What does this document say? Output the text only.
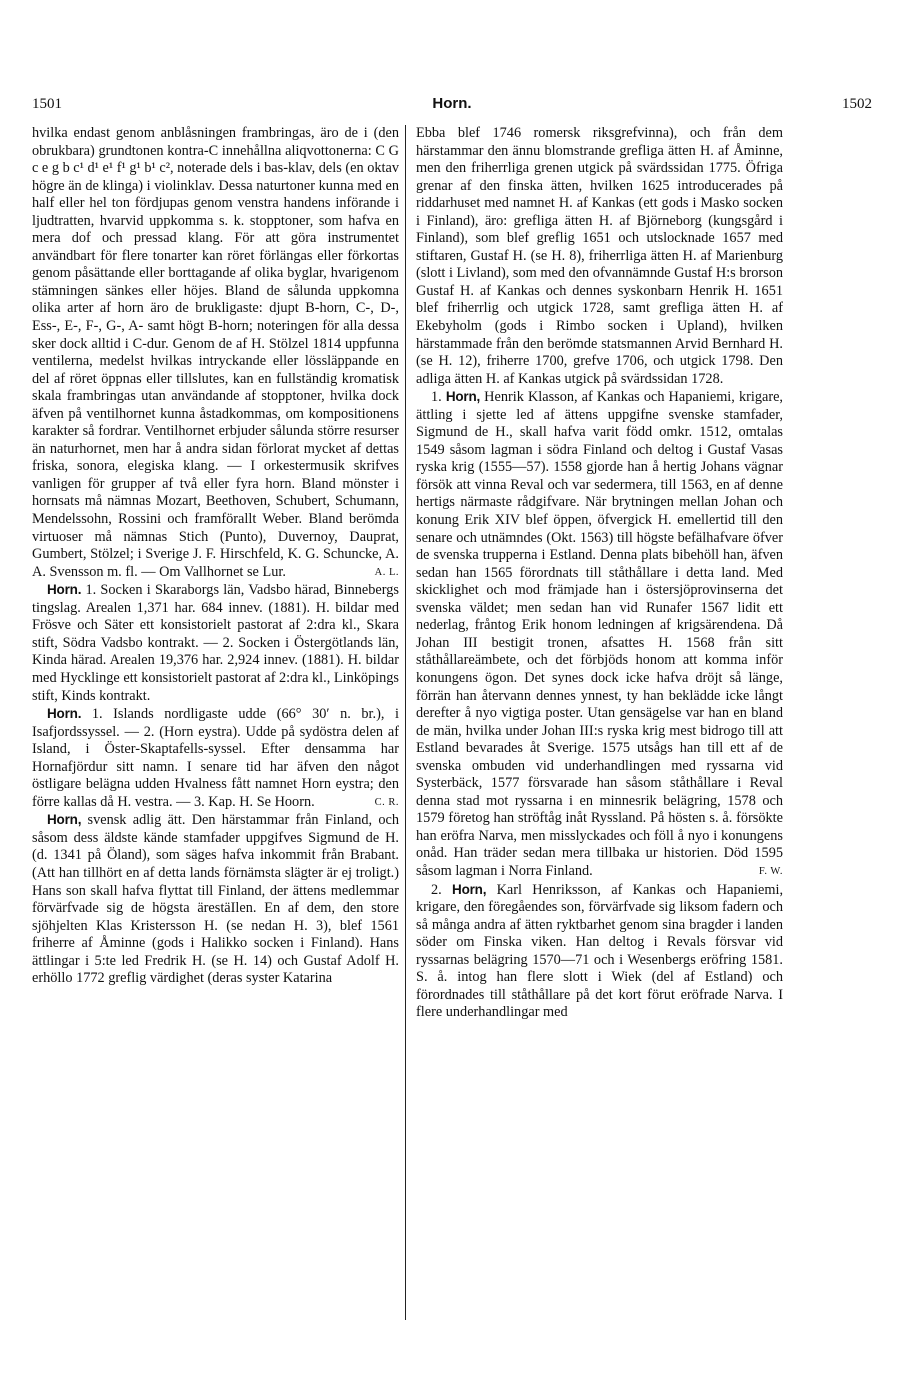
1501	Horn.	1502

hvilka endast genom anblåsningen frambringas, äro de i (den obrukbara) grundtonen kontra-C innehållna aliqvottonerna: C G c e g b c¹ d¹ e¹ f¹ g¹ b¹ c², noterade dels i bas-klav, dels (en oktav högre än de klinga) i violinklav. Dessa naturtoner kunna med en half eller hel ton fördjupas genom venstra handens införande i ljudtratten, hvarvid uppkomma s. k. stopptoner, som hafva en mera dof och pressad klang. För att göra instrumentet användbart för flere tonarter kan röret förlängas eller förkortas genom påsättande eller borttagande af olika byglar, hvarigenom stämningen sänkes eller höjes. Bland de sålunda uppkomna olika arter af horn äro de brukligaste: djupt B-horn, C-, D-, Ess-, E-, F-, G-, A- samt högt B-horn; noteringen för alla dessa sker dock alltid i C-dur. Genom de af H. Stölzel 1814 uppfunna ventilerna, medelst hvilkas intryckande eller lössläppande en del af röret öppnas eller tillslutes, kan en fullständig kromatisk skala frambringas utan användande af stopptoner, hvilka dock äfven på ventilhornet kunna åstadkommas, om kompositionens karakter så fordrar. Ventilhornet erbjuder sålunda större resurser än naturhornet, men har å andra sidan förlorat mycket af dettas friska, sonora, elegiska klang. — I orkestermusik skrifves vanligen för grupper af två eller fyra horn. Bland mönster i hornsats må nämnas Mozart, Beethoven, Schubert, Schumann, Mendelssohn, Rossini och framförallt Weber. Bland berömda virtuoser må nämnas Stich (Punto), Duvernoy, Dauprat, Gumbert, Stölzel; i Sverige J. F. Hirschfeld, K. G. Schuncke, A. A. Svensson m. fl. — Om Vallhornet se Lur.	A. L.

Horn. 1. Socken i Skaraborgs län, Vadsbo härad, Binnebergs tingslag. Arealen 1,371 har. 684 innev. (1881). H. bildar med Frösve och Säter ett konsistorielt pastorat af 2:dra kl., Skara stift, Södra Vadsbo kontrakt. — 2. Socken i Östergötlands län, Kinda härad. Arealen 19,376 har. 2,924 innev. (1881). H. bildar med Hycklinge ett konsistorielt pastorat af 2:dra kl., Linköpings stift, Kinds kontrakt.

Horn. 1. Islands nordligaste udde (66° 30′ n. br.), i Isafjordssyssel. — 2. (Horn eystra). Udde på sydöstra delen af Island, i Öster-Skaptafells-syssel. Efter densamma har Hornafjördur sitt namn. I senare tid har äfven den något östligare belägna udden Hvalness fått namnet Horn eystra; den förre kallas då H. vestra. — 3. Kap. H. Se Hoorn.	C. R.

Horn, svensk adlig ätt. Den härstammar från Finland, och såsom dess äldste kände stamfader uppgifves Sigmund de H. (d. 1341 på Öland), som säges hafva inkommit från Brabant. (Att han tillhört en af detta lands förnämsta slägter är ej troligt.) Hans son skall hafva flyttat till Finland, der ättens medlemmar förvärfvade sig de högsta ärestäIlen. En af dem, den store sjöhjelten Klas Kristersson H. (se nedan H. 3), blef 1561 friherre af Åminne (gods i Halikko socken i Finland). Hans ättlingar i 5:te led Fredrik H. (se H. 14) och Gustaf Adolf H. erhöllo 1772 greflig värdighet (deras syster Katarina

Ebba blef 1746 romersk riksgrefvinna), och från dem härstammar den ännu blomstrande grefliga ätten H. af Åminne, men den friherrliga grenen utgick på svärdssidan 1775. Öfriga grenar af den finska ätten, hvilken 1625 introducerades på riddarhuset med namnet H. af Kankas (ett gods i Masko socken i Finland), äro: grefliga ätten H. af Björneborg (kungsgård i Finland), som blef greflig 1651 och utslocknade 1657 med stiftaren, Gustaf H. (se H. 8), friherrliga ätten H. af Marienburg (slott i Livland), som med den ofvannämnde Gustaf H:s brorson Gustaf H. af Kankas och dennes syskonbarn Henrik H. 1651 blef friherrlig och utgick 1728, samt grefliga ätten H. af Ekebyholm (gods i Rimbo socken i Upland), hvilken härstammade från den berömde statsmannen Arvid Bernhard H. (se H. 12), friherre 1700, grefve 1706, och utgick 1798. Den adliga ätten H. af Kankas utgick på svärdssidan 1728.

1. Horn, Henrik Klasson, af Kankas och Hapaniemi, krigare, ättling i sjette led af ättens uppgifne svenske stamfader, Sigmund de H., skall hafva varit född omkr. 1512, omtalas 1549 såsom lagman i södra Finland och deltog i Gustaf Vasas ryska krig (1555—57). 1558 gjorde han å hertig Johans vägnar försök att vinna Reval och var sedermera, till 1563, en af denne hertigs närmaste rådgifvare. När brytningen mellan Johan och konung Erik XIV blef öppen, öfvergick H. emellertid till den senare och utnämndes (Okt. 1563) till högste befälhafvare öfver de svenska trupperna i Estland. Denna plats bibehöll han, äfven sedan han 1565 förordnats till ståthållare i detta land. Med skicklighet och mod främjade han i östersjöprovinserna det svenska väldet; men sedan han vid Runafer 1567 lidit ett nederlag, fråntog Erik honom ledningen af krigsärendena. Då Johan III bestigit tronen, afsattes H. 1568 från sitt ståthållareämbete, och det förbjöds honom att komma inför konungens ögon. Det synes dock icke hafva dröjt så länge, förrän han återvann dennes ynnest, ty han beklädde icke långt derefter å nyo vigtiga poster. Utan gensägelse var han en bland de män, hvilka under Johan III:s ryska krig mest bidrogo till att Estland bevarades åt Sverige. 1575 utsågs han till ett af de svenska ombuden vid underhandlingen med ryssarna vid Systerbäck, 1577 försvarade han såsom ståthållare i Reval denna stad mot ryssarna i en minnesrik belägring, 1578 och 1579 företog han ströftåg inåt Ryssland. På hösten s. å. försökte han eröfra Narva, men misslyckades och föll å nyo i konungens onåd. Han träder sedan mera tillbaka ur historien. Död 1595 såsom lagman i Norra Finland.	F. W.

2. Horn, Karl Henriksson, af Kankas och Hapaniemi, krigare, den föregåendes son, förvärfvade sig liksom fadern och så många andra af ätten ryktbarhet genom sina bragder i landen söder om Finska viken. Han deltog i Revals försvar vid ryssarnas belägring 1570—71 och i Wesenbergs eröfring 1581. S. å. intog han flere slott i Wiek (del af Estland) och förordnades till ståthållare på det kort förut eröfrade Narva. I flere underhandlingar med
